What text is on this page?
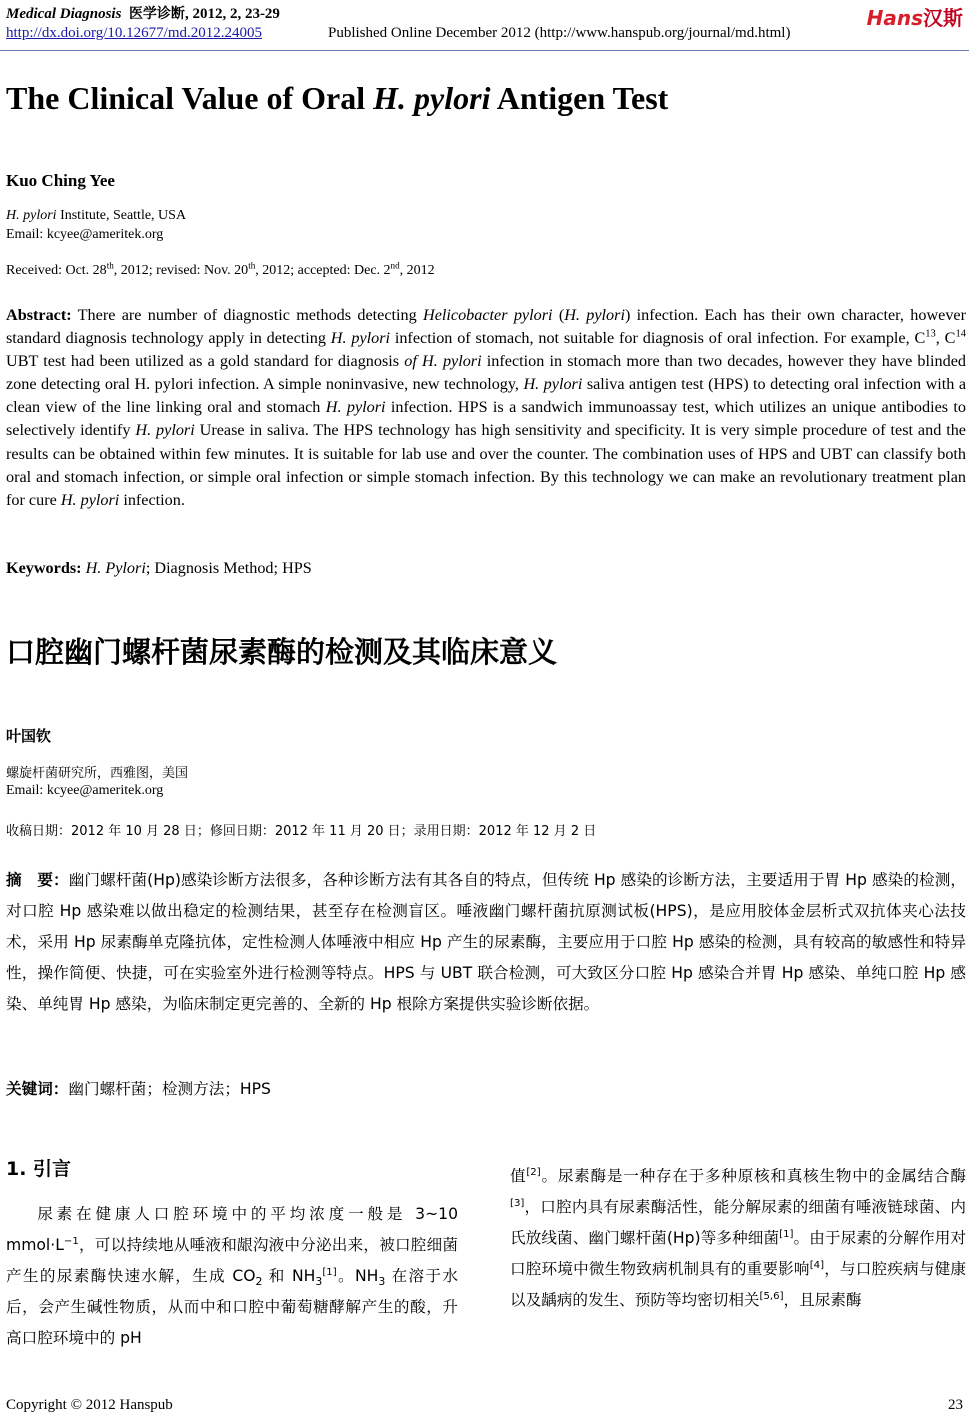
Medical Diagnosis 医学诊断, 2012, 2, 23-29
http://dx.doi.org/10.12677/md.2012.24005	Published Online December 2012 (http://www.hanspub.org/journal/md.html)
Hans汉斯
The Clinical Value of Oral H. pylori Antigen Test
Kuo Ching Yee
H. pylori Institute, Seattle, USA
Email: kcyee@ameritek.org
Received: Oct. 28th, 2012; revised: Nov. 20th, 2012; accepted: Dec. 2nd, 2012
Abstract: There are number of diagnostic methods detecting Helicobacter pylori (H. pylori) infection. Each has their own character, however standard diagnosis technology apply in detecting H. pylori infection of stomach, not suitable for diagnosis of oral infection. For example, $C^{13}$, $C^{14}$ UBT test had been utilized as a gold standard for diagnosis of H. pylori infection in stomach more than two decades, however they have blinded zone detecting oral H. pylori infection. A simple noninvasive, new technology, H. pylori saliva antigen test (HPS) to detecting oral infection with a clean view of the line linking oral and stomach H. pylori infection. HPS is a sandwich immunoassay test, which utilizes an unique antibodies to selectively identify H. pylori Urease in saliva. The HPS technology has high sensitivity and specificity. It is very simple procedure of test and the results can be obtained within few minutes. It is suitable for lab use and over the counter. The combination uses of HPS and UBT can classify both oral and stomach infection, or simple oral infection or simple stomach infection. By this technology we can make an revolutionary treatment plan for cure H. pylori infection.
Keywords: H. Pylori; Diagnosis Method; HPS
口腔幽门螺杆菌尿素酶的检测及其临床意义
叶国钦
螺旋杆菌研究所，西雅图，美国
Email: kcyee@ameritek.org
收稿日期：2012 年 10 月 28 日；修回日期：2012 年 11 月 20 日；录用日期：2012 年 12 月 2 日
摘　要：幽门螺杆菌(Hp)感染诊断方法很多，各种诊断方法有其各自的特点，但传统 Hp 感染的诊断方法，主要适用于胃 Hp 感染的检测，对口腔 Hp 感染难以做出稳定的检测结果，甚至存在检测盲区。唾液幽门螺杆菌抗原测试板(HPS)，是应用胶体金层析式双抗体夹心法技术，采用 Hp 尿素酶单克隆抗体，定性检测人体唾液中相应 Hp 产生的尿素酶，主要应用于口腔 Hp 感染的检测，具有较高的敏感性和特异性，操作简便、快捷，可在实验室外进行检测等特点。HPS 与 UBT 联合检测，可大致区分口腔 Hp 感染合并胃 Hp 感染、单纯口腔 Hp 感染、单纯胃 Hp 感染，为临床制定更完善的、全新的 Hp 根除方案提供实验诊断依据。
关键词：幽门螺杆菌；检测方法；HPS
1. 引言
尿素在健康人口腔环境中的平均浓度一般是 3~10 $mmol\cdot L^{-1}$，可以持续地从唾液和龈沟液中分泌出来，被口腔细菌产生的尿素酶快速水解，生成 $CO_2$ 和 $NH_3[1]$。$NH_3$ 在溶于水后，会产生碱性物质，从而中和口腔中葡萄糖酵解产生的酸，升高口腔环境中的 pH
值[2]。尿素酶是一种存在于多种原核和真核生物中的金属结合酶[3]，口腔内具有尿素酶活性，能分解尿素的细菌有唾液链球菌、内氏放线菌、幽门螺杆菌(Hp)等多种细菌[1]。由于尿素的分解作用对口腔环境中微生物致病机制具有的重要影响[4]，与口腔疾病与健康以及龋病的发生、预防等均密切相关[5,6]，且尿素酶
Copyright © 2012 Hanspub	23
